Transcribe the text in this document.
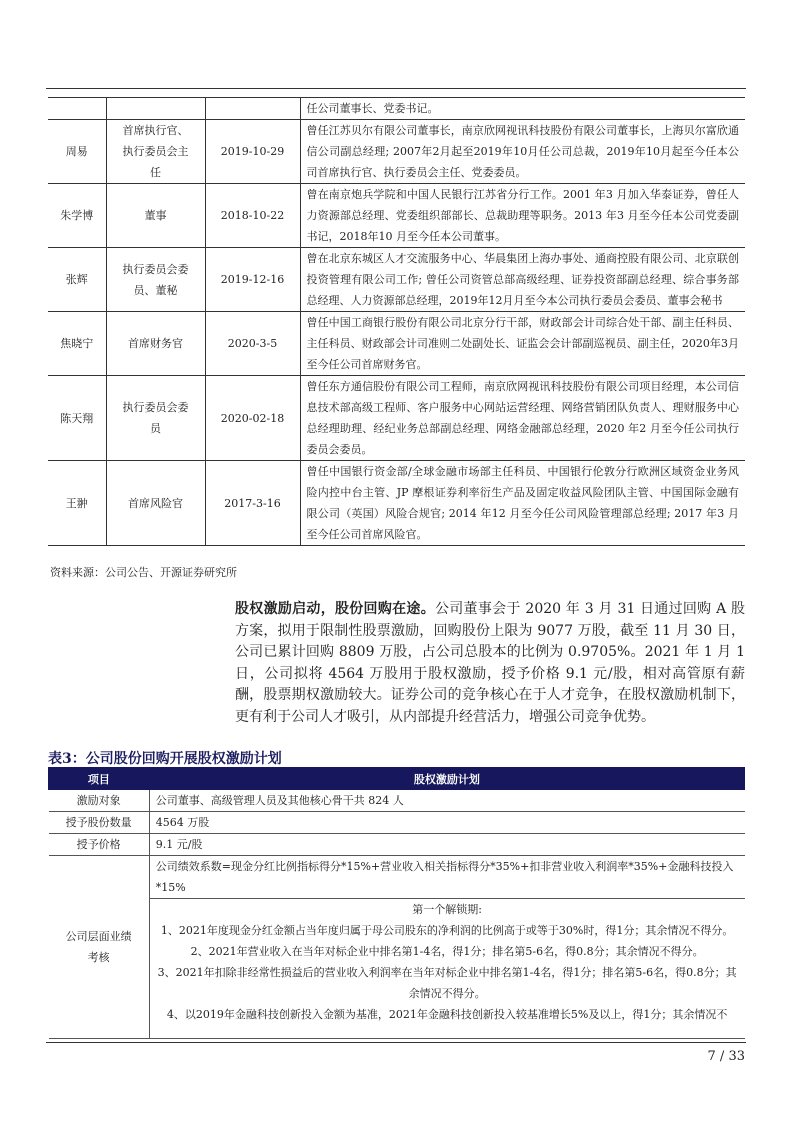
			任公司董事长、党委书记。
周易	首席执行官、执行委员会主任	2019-10-29	曾任江苏贝尔有限公司董事长，南京欣网视讯科技股份有限公司董事长，上海贝尔富欣通信公司副总经理; 2007年2月起至2019年10月任公司总裁，2019年10月起至今任本公司首席执行官、执行委员会主任、党委委员。
朱学博	董事	2018-10-22	曾在南京炮兵学院和中国人民银行江苏省分行工作。2001 年3 月加入华泰证券，曾任人力资源部总经理、党委组织部部长、总裁助理等职务。2013 年3 月至今任本公司党委副书记，2018年10 月至今任本公司董事。
张辉	执行委员会委员、董秘	2019-12-16	曾在北京东城区人才交流服务中心、华晨集团上海办事处、通商控股有限公司、北京联创投资管理有限公司工作; 曾任公司资管总部高级经理、证券投资部副总经理、综合事务部总经理、人力资源部总经理，2019年12月月至今本公司执行委员会委员、董事会秘书
焦晓宁	首席财务官	2020-3-5	曾任中国工商银行股份有限公司北京分行干部，财政部会计司综合处干部、副主任科员、主任科员、财政部会计司准则二处副处长、证监会会计部副巡视员、副主任，2020年3月至今任公司首席财务官。
陈天翔	执行委员会委员	2020-02-18	曾任东方通信股份有限公司工程师，南京欣网视讯科技股份有限公司项目经理，本公司信息技术部高级工程师、客户服务中心网站运营经理、网络营销团队负责人、理财服务中心总经理助理、经纪业务总部副总经理、网络金融部总经理，2020 年2 月至今任公司执行委员会委员。
王翀	首席风险官	2017-3-16	曾任中国银行资金部/全球金融市场部主任科员、中国银行伦敦分行欧洲区域资金业务风险内控中台主管、JP 摩根证券利率衍生产品及固定收益风险团队主管、中国国际金融有限公司（英国）风险合规官; 2014 年12 月至今任公司风险管理部总经理; 2017 年3 月至今任公司首席风险官。
资料来源：公司公告、开源证券研究所
股权激励启动，股份回购在途。公司董事会于 2020 年 3 月 31 日通过回购 A 股方案，拟用于限制性股票激励，回购股份上限为 9077 万股，截至 11 月 30 日，公司已累计回购 8809 万股，占公司总股本的比例为 0.9705%。2021 年 1 月 1 日，公司拟将 4564 万股用于股权激励，授予价格 9.1 元/股，相对高管原有薪酬，股票期权激励较大。证券公司的竞争核心在于人才竞争，在股权激励机制下，更有利于公司人才吸引，从内部提升经营活力，增强公司竞争优势。
表3：公司股份回购开展股权激励计划
项目	股权激励计划
激励对象	公司董事、高级管理人员及其他核心骨干共 824 人
授予股份数量	4564 万股
授予价格	9.1 元/股
公司层面业绩考核	公司绩效系数=现金分红比例指标得分*15%+营业收入相关指标得分*35%+扣非营业收入利润率*35%+金融科技投入*15%

	第一个解锁期:
1、2021年度现金分红金额占当年度归属于母公司股东的净利润的比例高于或等于30%时，得1分；其余情况不得分。
2、2021年营业收入在当年对标企业中排名第1-4名，得1分；排名第5-6名，得0.8分；其余情况不得分。
3、2021年扣除非经常性损益后的营业收入利润率在当年对标企业中排名第1-4名，得1分；排名第5-6名，得0.8分；其余情况不得分。
4、以2019年金融科技创新投入金额为基准，2021年金融科技创新投入较基准增长5%及以上，得1分；其余情况不
7 / 33
